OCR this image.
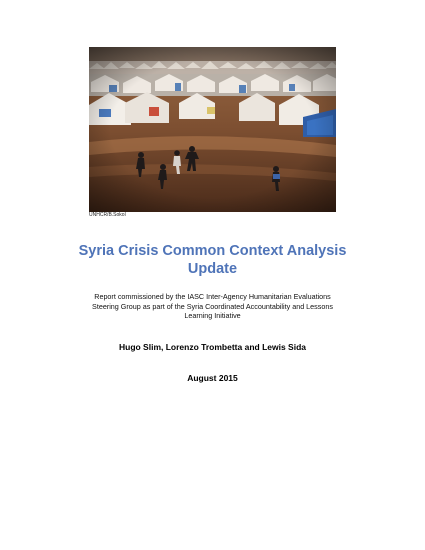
UNHCR/B.Sokol
Syria Crisis Common Context Analysis
Update
Report commissioned by the IASC Inter-Agency Humanitarian Evaluations
Steering Group as part of the Syria Coordinated Accountability and Lessons
Learning Initiative
Hugo Slim, Lorenzo Trombetta and Lewis Sida
August 2015
